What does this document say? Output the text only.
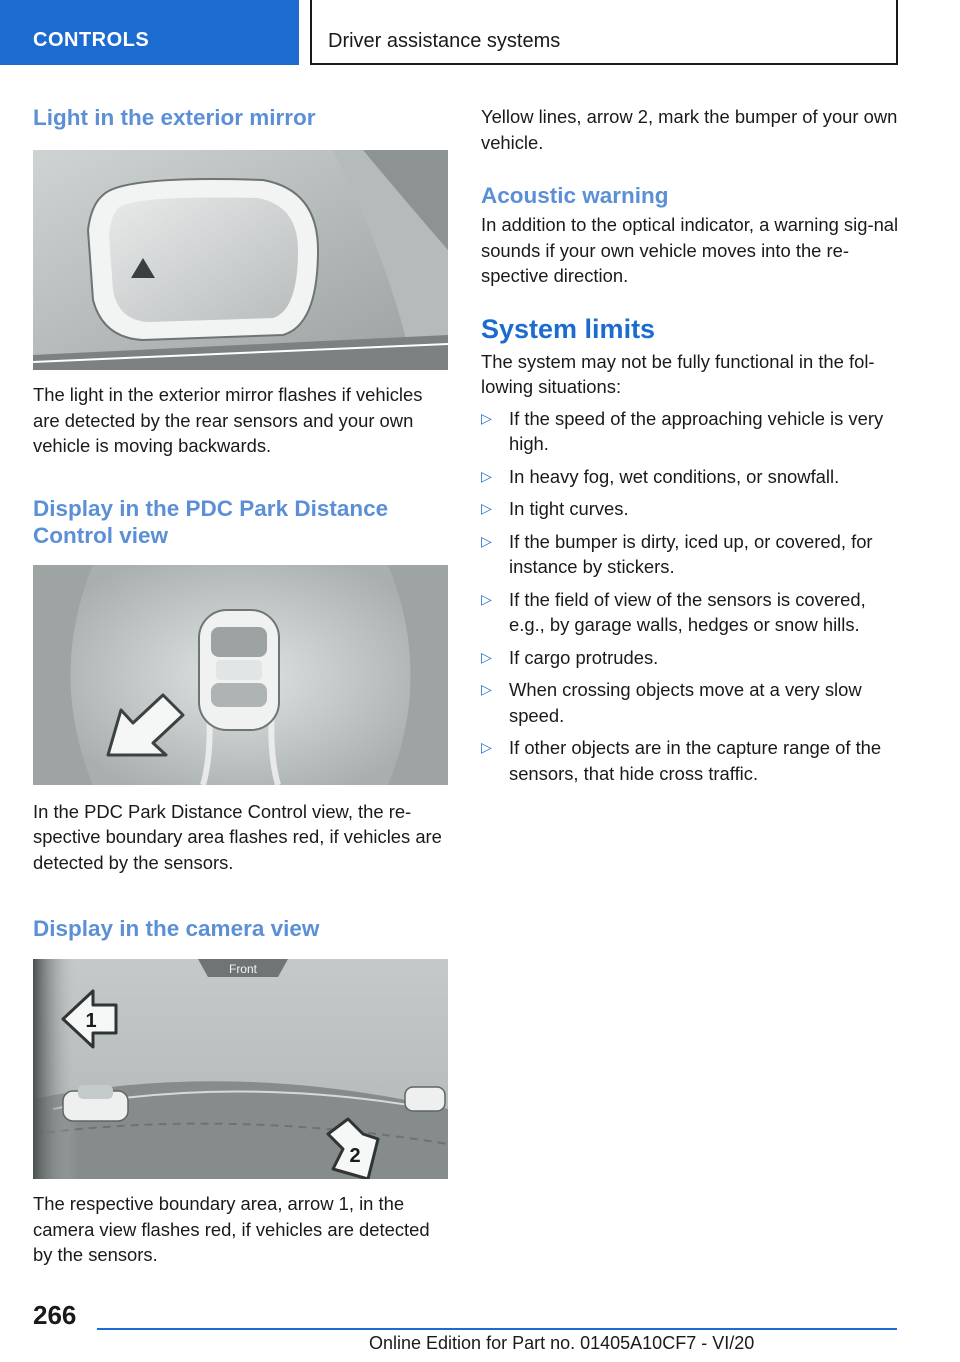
CONTROLS	Driver assistance systems
Light in the exterior mirror

The light in the exterior mirror flashes if vehicles are detected by the rear sensors and your own vehicle is moving backwards.

Display in the PDC Park Distance Control view

In the PDC Park Distance Control view, the re-spective boundary area flashes red, if vehicles are detected by the sensors.

Display in the camera view
Front
1
2

The respective boundary area, arrow 1, in the camera view flashes red, if vehicles are detected by the sensors.

Yellow lines, arrow 2, mark the bumper of your own vehicle.

Acoustic warning

In addition to the optical indicator, a warning sig-nal sounds if your own vehicle moves into the re-spective direction.

System limits

The system may not be fully functional in the fol-lowing situations:

▷ If the speed of the approaching vehicle is very high.
▷ In heavy fog, wet conditions, or snowfall.
▷ In tight curves.
▷ If the bumper is dirty, iced up, or covered, for instance by stickers.
▷ If the field of view of the sensors is covered, e.g., by garage walls, hedges or snow hills.
▷ If cargo protrudes.
▷ When crossing objects move at a very slow speed.
▷ If other objects are in the capture range of the sensors, that hide cross traffic.
266
Online Edition for Part no. 01405A10CF7 - VI/20
